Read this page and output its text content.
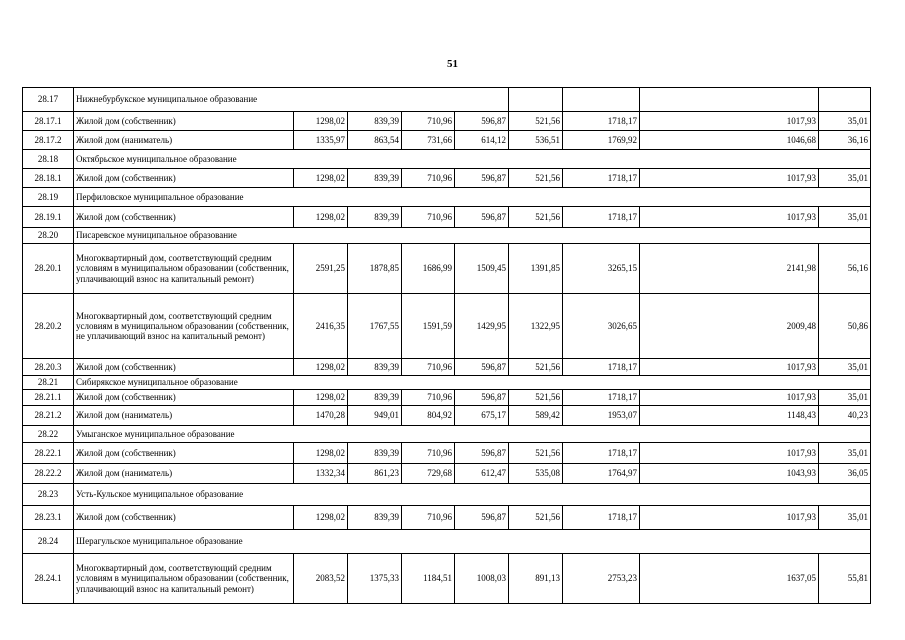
51
28.17	Нижнебурбукское муниципальное образование								
28.17.1	Жилой дом (собственник)	1298,02	839,39	710,96	596,87	521,56	1718,17	1017,93	35,01
28.17.2	Жилой дом (наниматель)	1335,97	863,54	731,66	614,12	536,51	1769,92	1046,68	36,16
28.18	Октябрьское муниципальное образование								
28.18.1	Жилой дом (собственник)	1298,02	839,39	710,96	596,87	521,56	1718,17	1017,93	35,01
28.19	Перфиловское муниципальное образование								
28.19.1	Жилой дом (собственник)	1298,02	839,39	710,96	596,87	521,56	1718,17	1017,93	35,01
28.20	Писаревское муниципальное образование								
28.20.1	Многоквартирный дом, соответствующий средним условиям в муниципальном образовании (собственник, уплачивающий взнос на капитальный ремонт)	2591,25	1878,85	1686,99	1509,45	1391,85	3265,15	2141,98	56,16
28.20.2	Многоквартирный дом, соответствующий средним условиям в муниципальном образовании (собственник, не уплачивающий взнос на капитальный ремонт)	2416,35	1767,55	1591,59	1429,95	1322,95	3026,65	2009,48	50,86
28.20.3	Жилой дом (собственник)	1298,02	839,39	710,96	596,87	521,56	1718,17	1017,93	35,01
28.21	Сибирякское муниципальное образование								
28.21.1	Жилой дом (собственник)	1298,02	839,39	710,96	596,87	521,56	1718,17	1017,93	35,01
28.21.2	Жилой дом (наниматель)	1470,28	949,01	804,92	675,17	589,42	1953,07	1148,43	40,23
28.22	Умыганское муниципальное образование								
28.22.1	Жилой дом (собственник)	1298,02	839,39	710,96	596,87	521,56	1718,17	1017,93	35,01
28.22.2	Жилой дом (наниматель)	1332,34	861,23	729,68	612,47	535,08	1764,97	1043,93	36,05
28.23	Усть-Кульское муниципальное образование								
28.23.1	Жилой дом (собственник)	1298,02	839,39	710,96	596,87	521,56	1718,17	1017,93	35,01
28.24	Шерагульское муниципальное образование								
28.24.1	Многоквартирный дом, соответствующий средним условиям в муниципальном образовании (собственник, уплачивающий взнос на капитальный ремонт)	2083,52	1375,33	1184,51	1008,03	891,13	2753,23	1637,05	55,81
